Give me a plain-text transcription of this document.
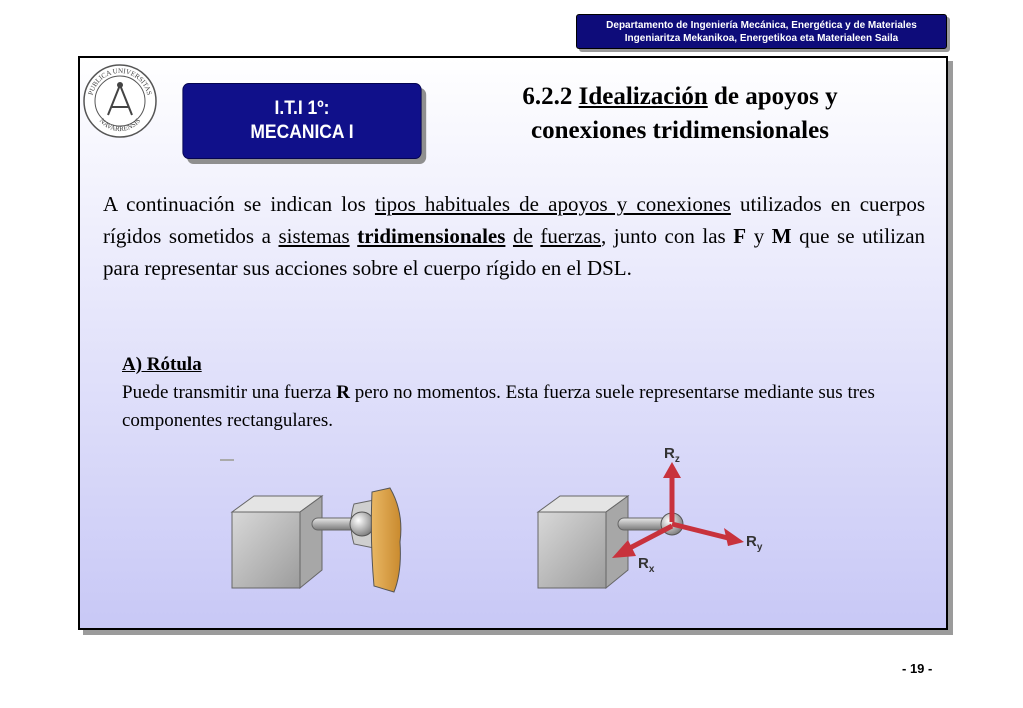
Departamento de Ingeniería Mecánica, Energética y de Materiales
Ingeniaritza Mekanikoa, Energetikoa eta Materialeen Saila
PUBLICA UNIVERSITAS
NAVARRENSIS
I.T.I 1º:
MECANICA I
6.2.2 Idealización de apoyos y
conexiones tridimensionales
A continuación se indican los tipos habituales de apoyos y conexiones utilizados en cuerpos rígidos sometidos a sistemas tridimensionales de fuerzas, junto con las F y M que se utilizan para representar sus acciones sobre el cuerpo rígido en el DSL.
A) Rótula
Puede transmitir una fuerza R pero no momentos. Esta fuerza suele representarse mediante sus tres componentes rectangulares.
$R_z$
$R_y$
$R_x$
- 19 -
